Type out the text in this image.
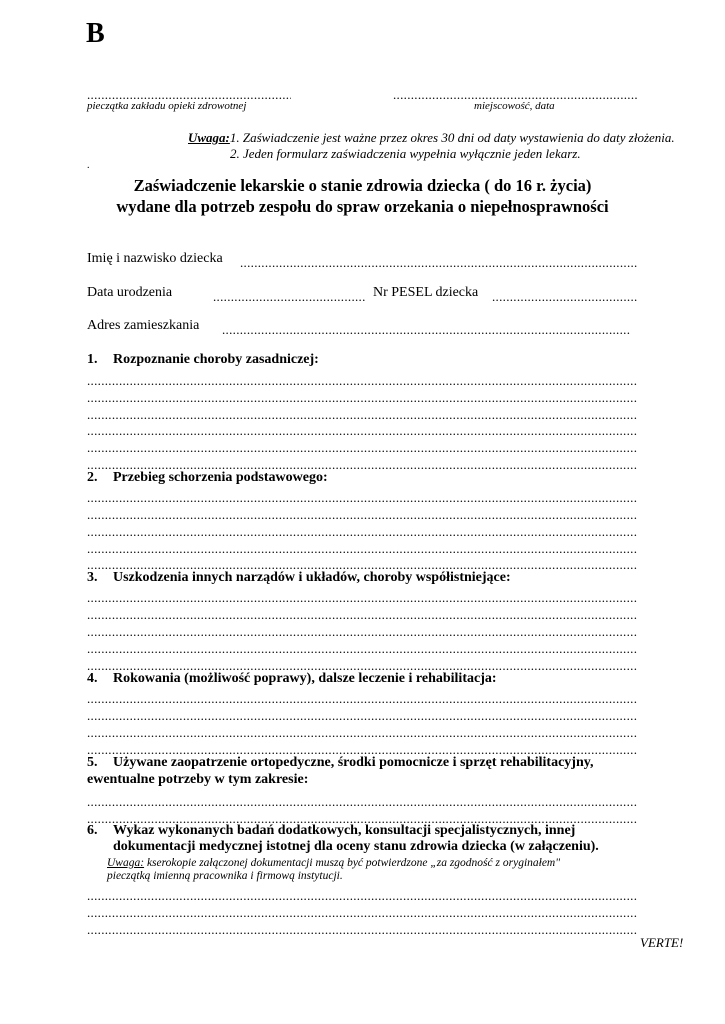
B
.....
.....
pieczątka zakładu opieki zdrowotnej	miejscowość, data
Uwaga:1. Zaświadczenie jest ważne przez okres 30 dni od daty wystawienia do daty złożenia.
2. Jeden formularz zaświadczenia wypełnia wyłącznie jeden lekarz.
.
Zaświadczenie lekarskie o stanie zdrowia dziecka ( do 16 r. życia)
wydane dla potrzeb zespołu do spraw orzekania o niepełnosprawności
Imię i nazwisko dziecka
.....
Data urodzenia .....	Nr PESEL dziecka
.....
Adres zamieszkania
.....
1. Rozpoznanie choroby zasadniczej:
.....
.....
.....
.....
.....
.....
2. Przebieg schorzenia podstawowego:
.....
.....
.....
.....
.....
3. Uszkodzenia innych narządów i układów, choroby współistniejące:
.....
.....
.....
.....
.....
4. Rokowania (możliwość poprawy), dalsze leczenie i rehabilitacja:
.....
.....
.....
.....
5. Używane zaopatrzenie ortopedyczne, środki pomocnicze i sprzęt rehabilitacyjny,
ewentualne potrzeby w tym zakresie:
.....
.....
6. Wykaz wykonanych badań dodatkowych, konsultacji specjalistycznych, innej
dokumentacji medycznej istotnej dla oceny stanu zdrowia dziecka (w załączeniu).
Uwaga: kserokopie załączonej dokumentacji muszą być potwierdzone „za zgodność z oryginałem"
pieczątką imienną pracownika i firmową instytucji.
.....
.....
.....
VERTE!
